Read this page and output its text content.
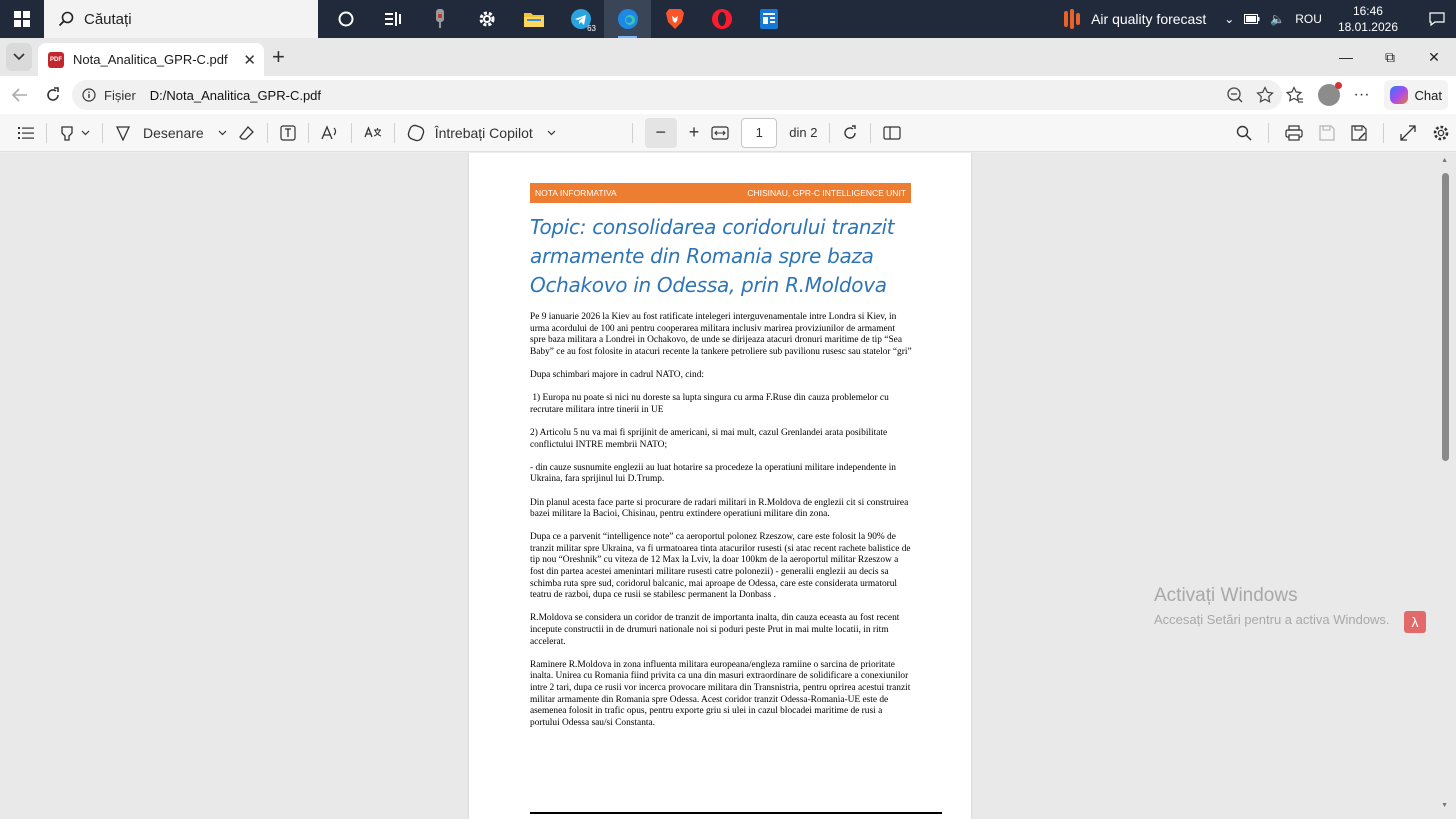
Căutați
63
Air quality forecast ⌄	🔈 ROU
16:46
18.01.2026
PDF Nota_Analitica_GPR-C.pdf ✕ +	—	⧉	✕
Fișier D:/Nota_Analitica_GPR-C.pdf	···	Chat
Desenare	Întrebați Copilot	−	+	1	din 2
NOTA INFORMATIVA	CHISINAU, GPR-C INTELLIGENCE UNIT
Topic: consolidarea coridorului tranzit armamente din Romania spre baza Ochakovo in Odessa, prin R.Moldova

Pe 9 ianuarie 2026 la Kiev au fost ratificate intelegeri interguvenamentale intre Londra si Kiev, in urma acordului de 100 ani pentru cooperarea militara inclusiv marirea proviziunilor de armament spre baza militara a Londrei in Ochakovo, de unde se dirijeaza atacuri dronuri maritime de tip “Sea Baby” ce au fost folosite in atacuri recente la tankere petroliere sub pavilionu rusesc sau statelor “gri”

Dupa schimbari majore in cadrul NATO, cind:

1) Europa nu poate si nici nu doreste sa lupta singura cu arma F.Ruse din cauza problemelor cu recrutare militara intre tinerii in UE

2) Articolu 5 nu va mai fi sprijinit de americani, si mai mult, cazul Grenlandei arata posibilitate conflictului INTRE membrii NATO;

- din cauze susnumite englezii au luat hotarire sa procedeze la operatiuni militare independente in Ukraina, fara sprijinul lui D.Trump.

Din planul acesta face parte si procurare de radari militari in R.Moldova de englezii cit si construirea bazei militare la Bacioi, Chisinau, pentru extindere operatiuni militare din zona.

Dupa ce a parvenit “intelligence note” ca aeroportul polonez Rzeszow, care este folosit la 90% de tranzit militar spre Ukraina, va fi urmatoarea tinta atacurilor rusesti (si atac recent rachete balistice de tip nou “Oreshnik” cu viteza de 12 Max la Lviv, la doar 100km de la aeroportul militar Rzeszow a fost din partea acestei amenintari militare rusesti catre polonezii) - generalii englezii au decis sa schimba ruta spre sud, coridorul balcanic, mai aproape de Odessa, care este considerata urmatorul teatru de razboi, dupa ce rusii se stabilesc permanent la Donbass .

R.Moldova se considera un coridor de tranzit de importanta inalta, din cauza eceasta au fost recent incepute constructii in de drumuri nationale noi si poduri peste Prut in mai multe locatii, in ritm accelerat.

Raminere R.Moldova in zona influenta militara europeana/engleza ramiine o sarcina de prioritate inalta. Unirea cu Romania fiind privita ca una din masuri extraordinare de solidificare a conexiunilor intre 2 tari, dupa ce rusii vor incerca provocare militara din Transnistria, pentru oprirea acestui tranzit militar armamente din Romania spre Odessa. Acest coridor tranzit Odessa-Romania-UE este de asemenea folosit in trafic opus, pentru exporte griu si ulei in cazul blocadei maritime de rusi a portului Odessa sau/si Constanta.

▲
▼
Activați Windows
Accesați Setări pentru a activa Windows.	λ
